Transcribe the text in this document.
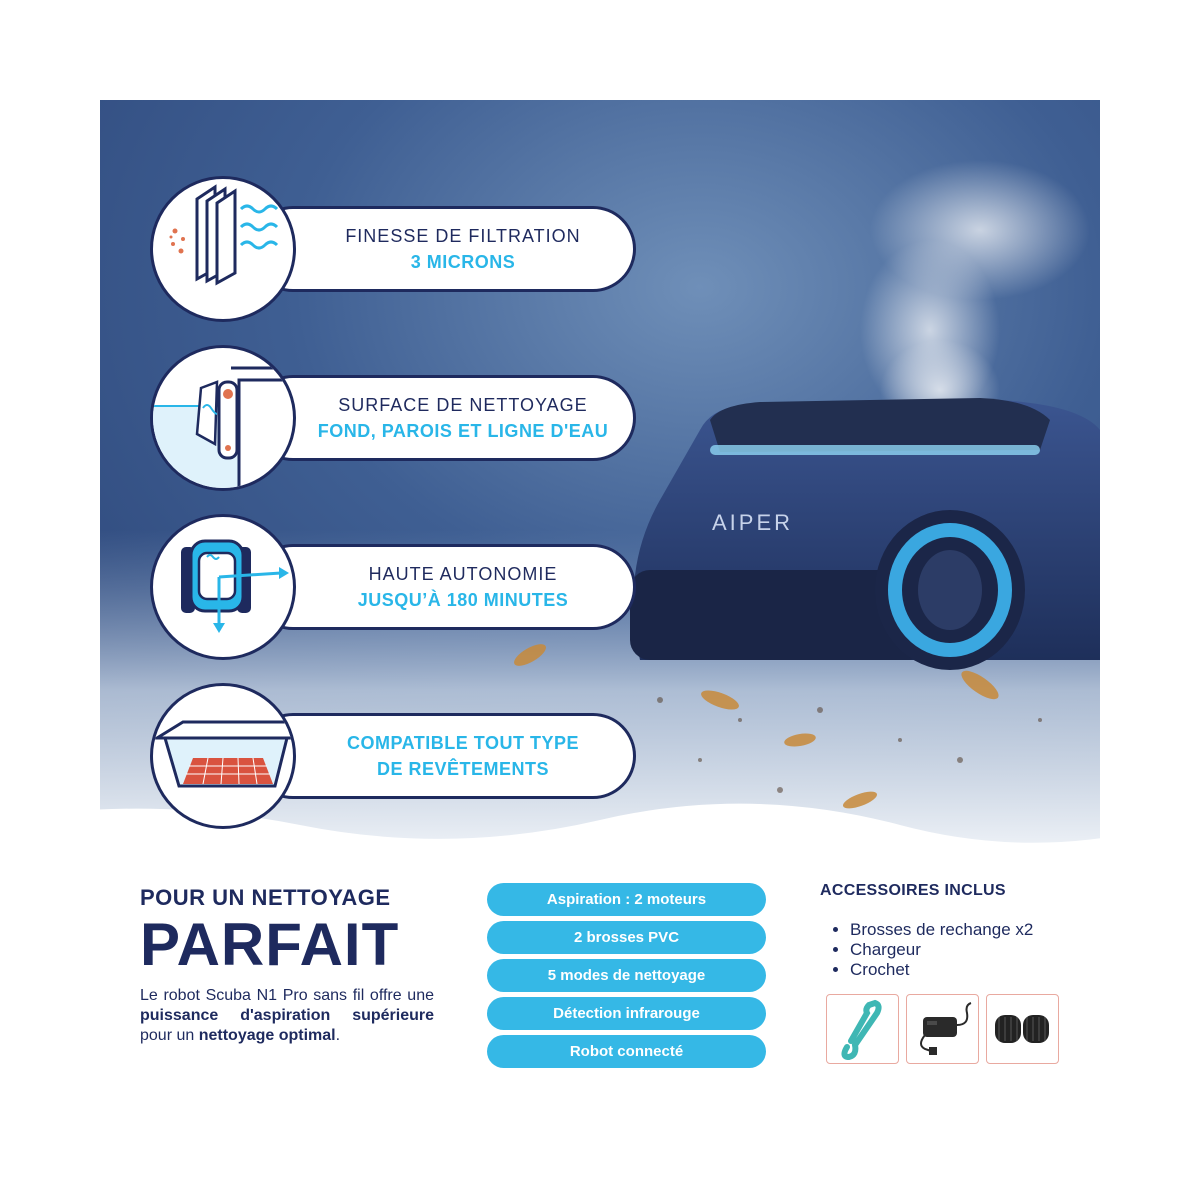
AIPER
FINESSE DE FILTRATION
3 MICRONS
SURFACE DE NETTOYAGE
FOND, PAROIS ET LIGNE D'EAU
HAUTE AUTONOMIE
JUSQU’À 180 MINUTES
COMPATIBLE TOUT TYPE
DE REVÊTEMENTS
POUR UN NETTOYAGE
PARFAIT
Le robot Scuba N1 Pro sans fil offre une puissance d'aspiration supérieure pour un nettoyage optimal.
Aspiration : 2 moteurs
2 brosses PVC
5 modes de nettoyage
Détection infrarouge
Robot connecté
ACCESSOIRES INCLUS
• Brosses de rechange x2
• Chargeur
• Crochet
